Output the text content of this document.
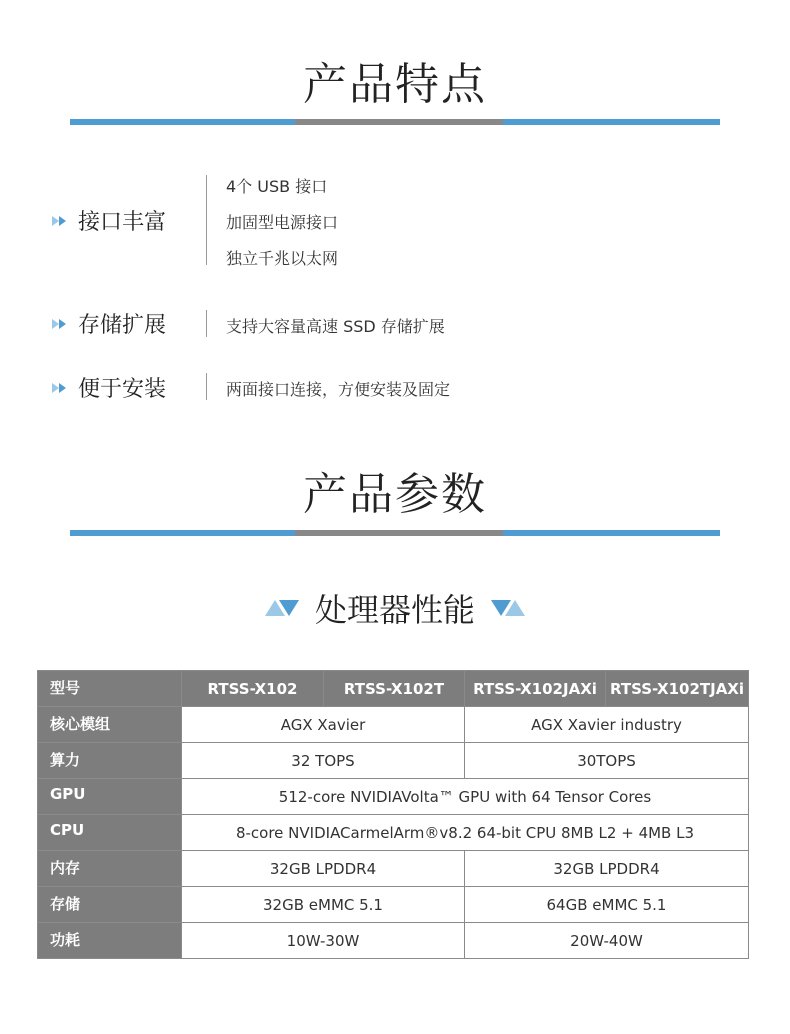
产品特点
接口丰富
4个 USB 接口
加固型电源接口
独立千兆以太网
存储扩展	支持大容量高速 SSD 存储扩展
便于安装	两面接口连接，方便安装及固定
产品参数
处理器性能
型号	RTSS-X102	RTSS-X102T	RTSS-X102JAXi	RTSS-X102TJAXi
核心模组	AGX Xavier		AGX Xavier industry	
算力	32 TOPS		30TOPS	
GPU	512-core NVIDIAVolta™ GPU with 64 Tensor Cores			
CPU	8-core NVIDIACarmelArm®v8.2 64-bit CPU 8MB L2 + 4MB L3			
内存	32GB LPDDR4		32GB LPDDR4	
存储	32GB eMMC 5.1		64GB eMMC 5.1	
功耗	10W-30W		20W-40W	
